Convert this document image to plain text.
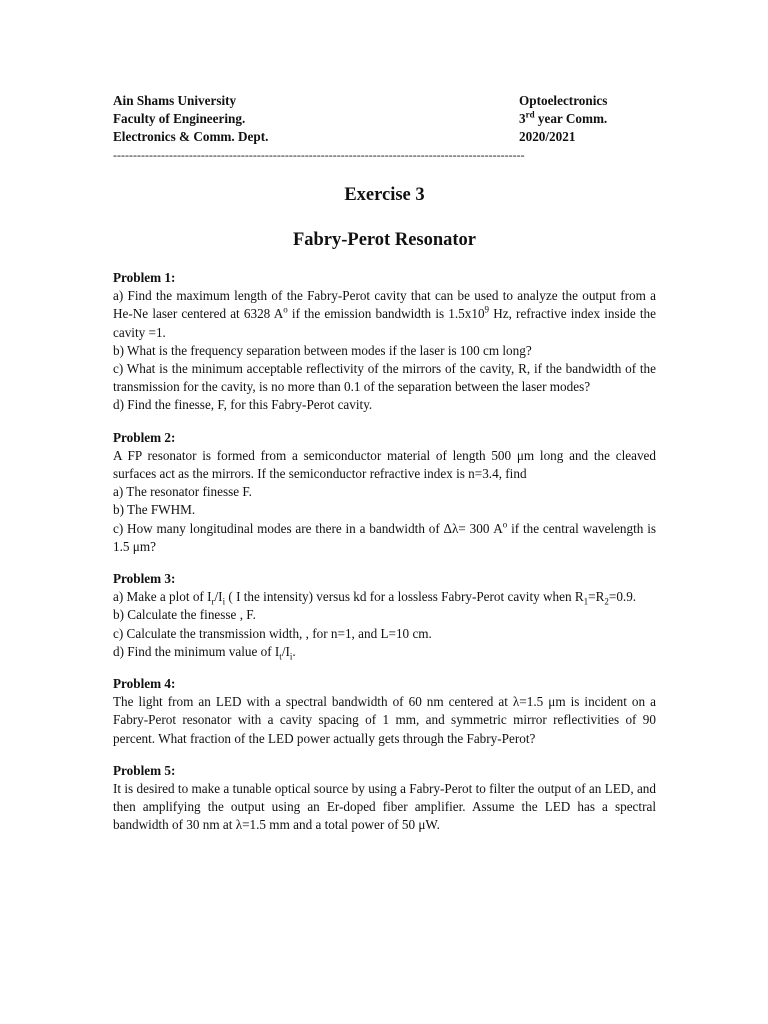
Ain Shams University
Faculty of Engineering.
Electronics & Comm. Dept.
Optoelectronics
3rd year Comm.
2020/2021
-------------------------------------------------------------------------------------------------------
Exercise 3
Fabry-Perot Resonator
Problem 1:
a) Find the maximum length of the Fabry-Perot cavity that can be used to analyze the output from a He-Ne laser centered at 6328 $A^o$ if the emission bandwidth is $1.5x10^9$ Hz, refractive index inside the cavity =1.
b) What is the frequency separation between modes if the laser is 100 cm long?
c) What is the minimum acceptable reflectivity of the mirrors of the cavity, R, if the bandwidth of the transmission for the cavity, is no more than 0.1 of the separation between the laser modes?
d) Find the finesse, F, for this Fabry-Perot cavity.
Problem 2:
A FP resonator is formed from a semiconductor material of length 500 μm long and the cleaved surfaces act as the mirrors. If the semiconductor refractive index is n=3.4, find
a) The resonator finesse F.
b) The FWHM.
c) How many longitudinal modes are there in a bandwidth of Δλ= 300 $A^o$ if the central wavelength is 1.5 μm?
Problem 3:
a) Make a plot of $I_r/I_i$ ( I the intensity) versus kd for a lossless Fabry-Perot cavity when $R_1=R_2=0.9$.
b) Calculate the finesse , F.
c) Calculate the transmission width, , for n=1, and L=10 cm.
d) Find the minimum value of $I_t/I_i$.
Problem 4:
The light from an LED with a spectral bandwidth of 60 nm centered at λ=1.5 μm is incident on a Fabry-Perot resonator with a cavity spacing of 1 mm, and symmetric mirror reflectivities of 90 percent. What fraction of the LED power actually gets through the Fabry-Perot?
Problem 5:
It is desired to make a tunable optical source by using a Fabry-Perot to filter the output of an LED, and then amplifying the output using an Er-doped fiber amplifier. Assume the LED has a spectral bandwidth of 30 nm at λ=1.5 mm and a total power of 50 μW.
